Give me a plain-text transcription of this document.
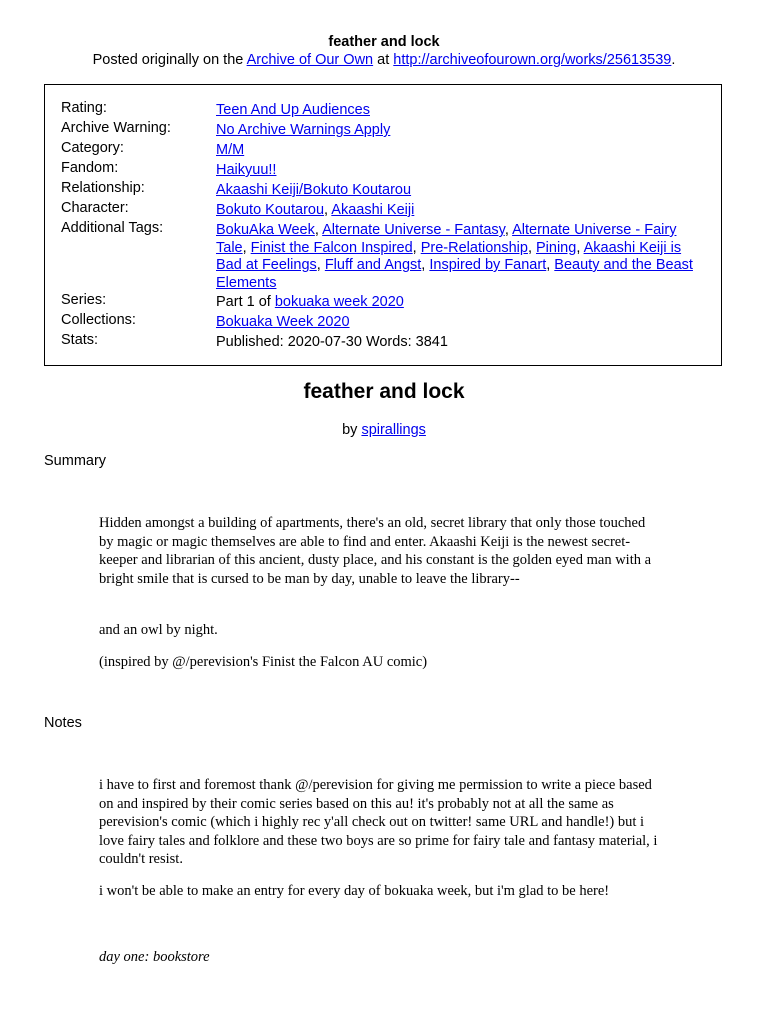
feather and lock
Posted originally on the Archive of Our Own at http://archiveofourown.org/works/25613539.
Rating:	Teen And Up Audiences
Archive Warning:	No Archive Warnings Apply
Category:	M/M
Fandom:	Haikyuu!!
Relationship:	Akaashi Keiji/Bokuto Koutarou
Character:	Bokuto Koutarou, Akaashi Keiji
Additional Tags:	BokuAka Week, Alternate Universe - Fantasy, Alternate Universe - Fairy Tale, Finist the Falcon Inspired, Pre-Relationship, Pining, Akaashi Keiji is Bad at Feelings, Fluff and Angst, Inspired by Fanart, Beauty and the Beast Elements
Series:	Part 1 of bokuaka week 2020
Collections:	Bokuaka Week 2020
Stats:	Published: 2020-07-30 Words: 3841
feather and lock
by spirallings
Summary
Hidden amongst a building of apartments, there's an old, secret library that only those touched by magic or magic themselves are able to find and enter. Akaashi Keiji is the newest secret-keeper and librarian of this ancient, dusty place, and his constant is the golden eyed man with a bright smile that is cursed to be man by day, unable to leave the library--
and an owl by night.
(inspired by @/perevision's Finist the Falcon AU comic)
Notes
i have to first and foremost thank @/perevision for giving me permission to write a piece based on and inspired by their comic series based on this au! it's probably not at all the same as perevision's comic (which i highly rec y'all check out on twitter! same URL and handle!) but i love fairy tales and folklore and these two boys are so prime for fairy tale and fantasy material, i couldn't resist.
i won't be able to make an entry for every day of bokuaka week, but i'm glad to be here!
day one: bookstore
